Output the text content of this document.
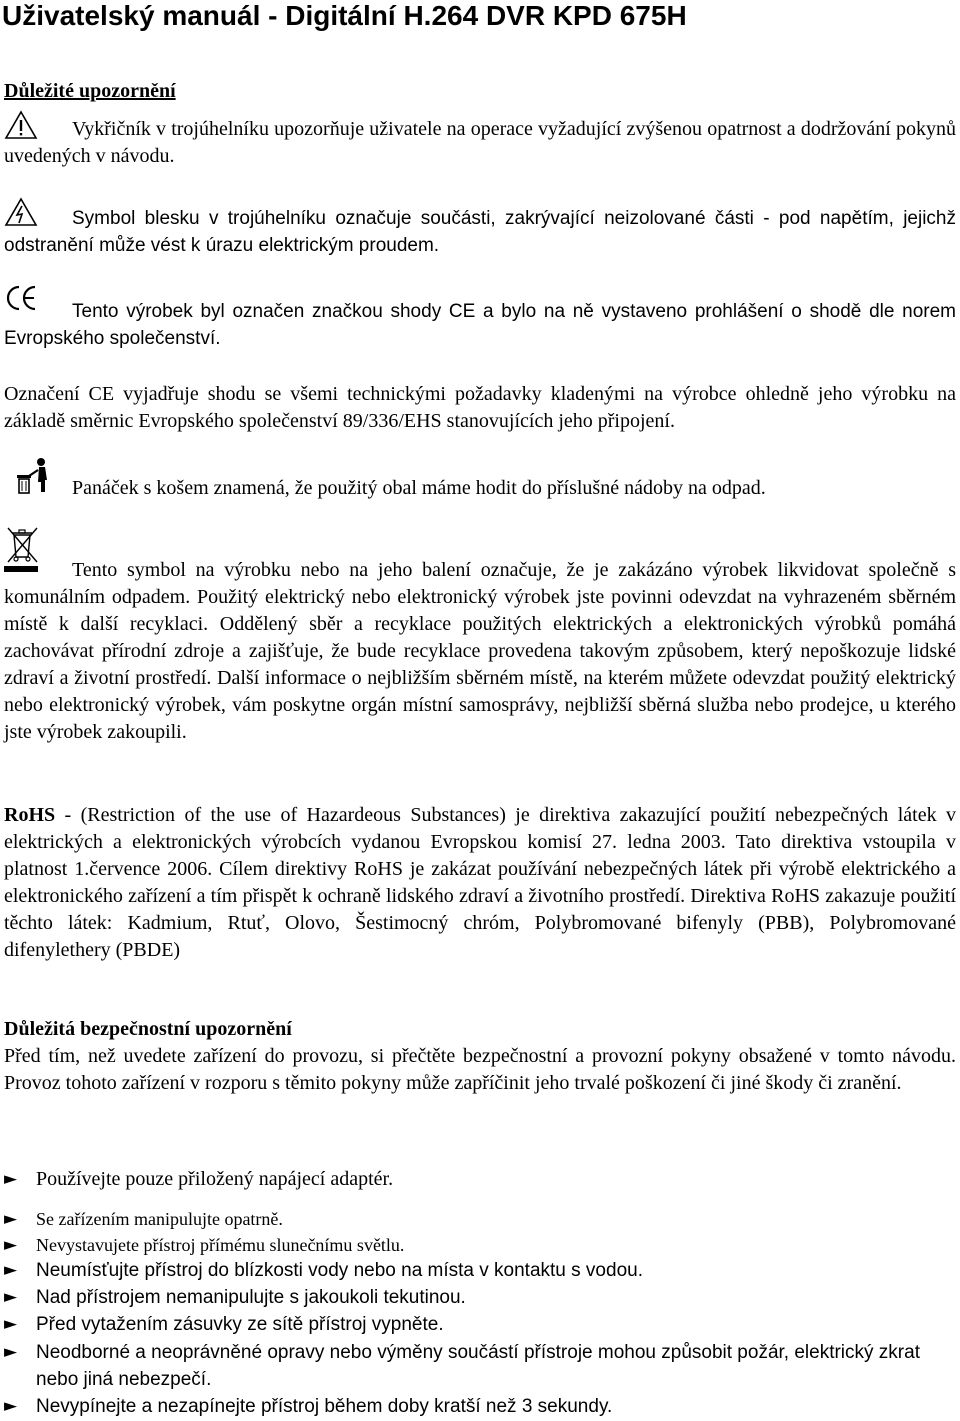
Uživatelský manuál - Digitální H.264 DVR KPD 675H
Důležité upozornění

Vykřičník v trojúhelníku upozorňuje uživatele na operace vyžadující zvýšenou opatrnost a dodržování pokynů uvedených v návodu.

Symbol blesku v trojúhelníku označuje součásti, zakrývající neizolované části - pod napětím, jejichž odstranění může vést k úrazu elektrickým proudem.

Tento výrobek byl označen značkou shody CE a bylo na ně vystaveno prohlášení o shodě dle norem Evropského společenství.

Označení CE vyjadřuje shodu se všemi technickými požadavky kladenými na výrobce ohledně jeho výrobku na základě směrnic Evropského společenství 89/336/EHS stanovujících jeho připojení.

Panáček s košem znamená, že použitý obal máme hodit do příslušné nádoby na odpad.

Tento symbol na výrobku nebo na jeho balení označuje, že je zakázáno výrobek likvidovat společně s komunálním odpadem. Použitý elektrický nebo elektronický výrobek jste povinni odevzdat na vyhrazeném sběrném místě k další recyklaci. Oddělený sběr a recyklace použitých elektrických a elektronických výrobků pomáhá zachovávat přírodní zdroje a zajišťuje, že bude recyklace provedena takovým způsobem, který nepoškozuje lidské zdraví a životní prostředí. Další informace o nejbližším sběrném místě, na kterém můžete odevzdat použitý elektrický nebo elektronický výrobek, vám poskytne orgán místní samosprávy, nejbližší sběrná služba nebo prodejce, u kterého jste výrobek zakoupili.

RoHS - (Restriction of the use of Hazardeous Substances) je direktiva zakazující použití nebezpečných látek v elektrických a elektronických výrobcích vydanou Evropskou komisí 27. ledna 2003. Tato direktiva vstoupila v platnost 1.července 2006. Cílem direktivy RoHS je zakázat používání nebezpečných látek při výrobě elektrického a elektronického zařízení a tím přispět k ochraně lidského zdraví a životního prostředí. Direktiva RoHS zakazuje použití těchto látek: Kadmium, Rtuť, Olovo, Šestimocný chróm, Polybromované bifenyly (PBB), Polybromované difenylethery (PBDE)

Důležitá bezpečnostní upozornění

Před tím, než uvedete zařízení do provozu, si přečtěte bezpečnostní a provozní pokyny obsažené v tomto návodu. Provoz tohoto zařízení v rozporu s těmito pokyny může zapříčinit jeho trvalé poškození či jiné škody či zranění.

► Používejte pouze přiložený napájecí adaptér.
► Se zařízením manipulujte opatrně.
► Nevystavujete přístroj přímému slunečnímu světlu.
► Neumísťujte přístroj do blízkosti vody nebo na místa v kontaktu s vodou.
► Nad přístrojem nemanipulujte s jakoukoli tekutinou.
► Před vytažením zásuvky ze sítě přístroj vypněte.
► Neodborné a neoprávněné opravy nebo výměny součástí přístroje mohou způsobit požár, elektrický zkrat nebo jiná nebezpečí.
► Nevypínejte a nezapínejte přístroj během doby kratší než 3 sekundy.
